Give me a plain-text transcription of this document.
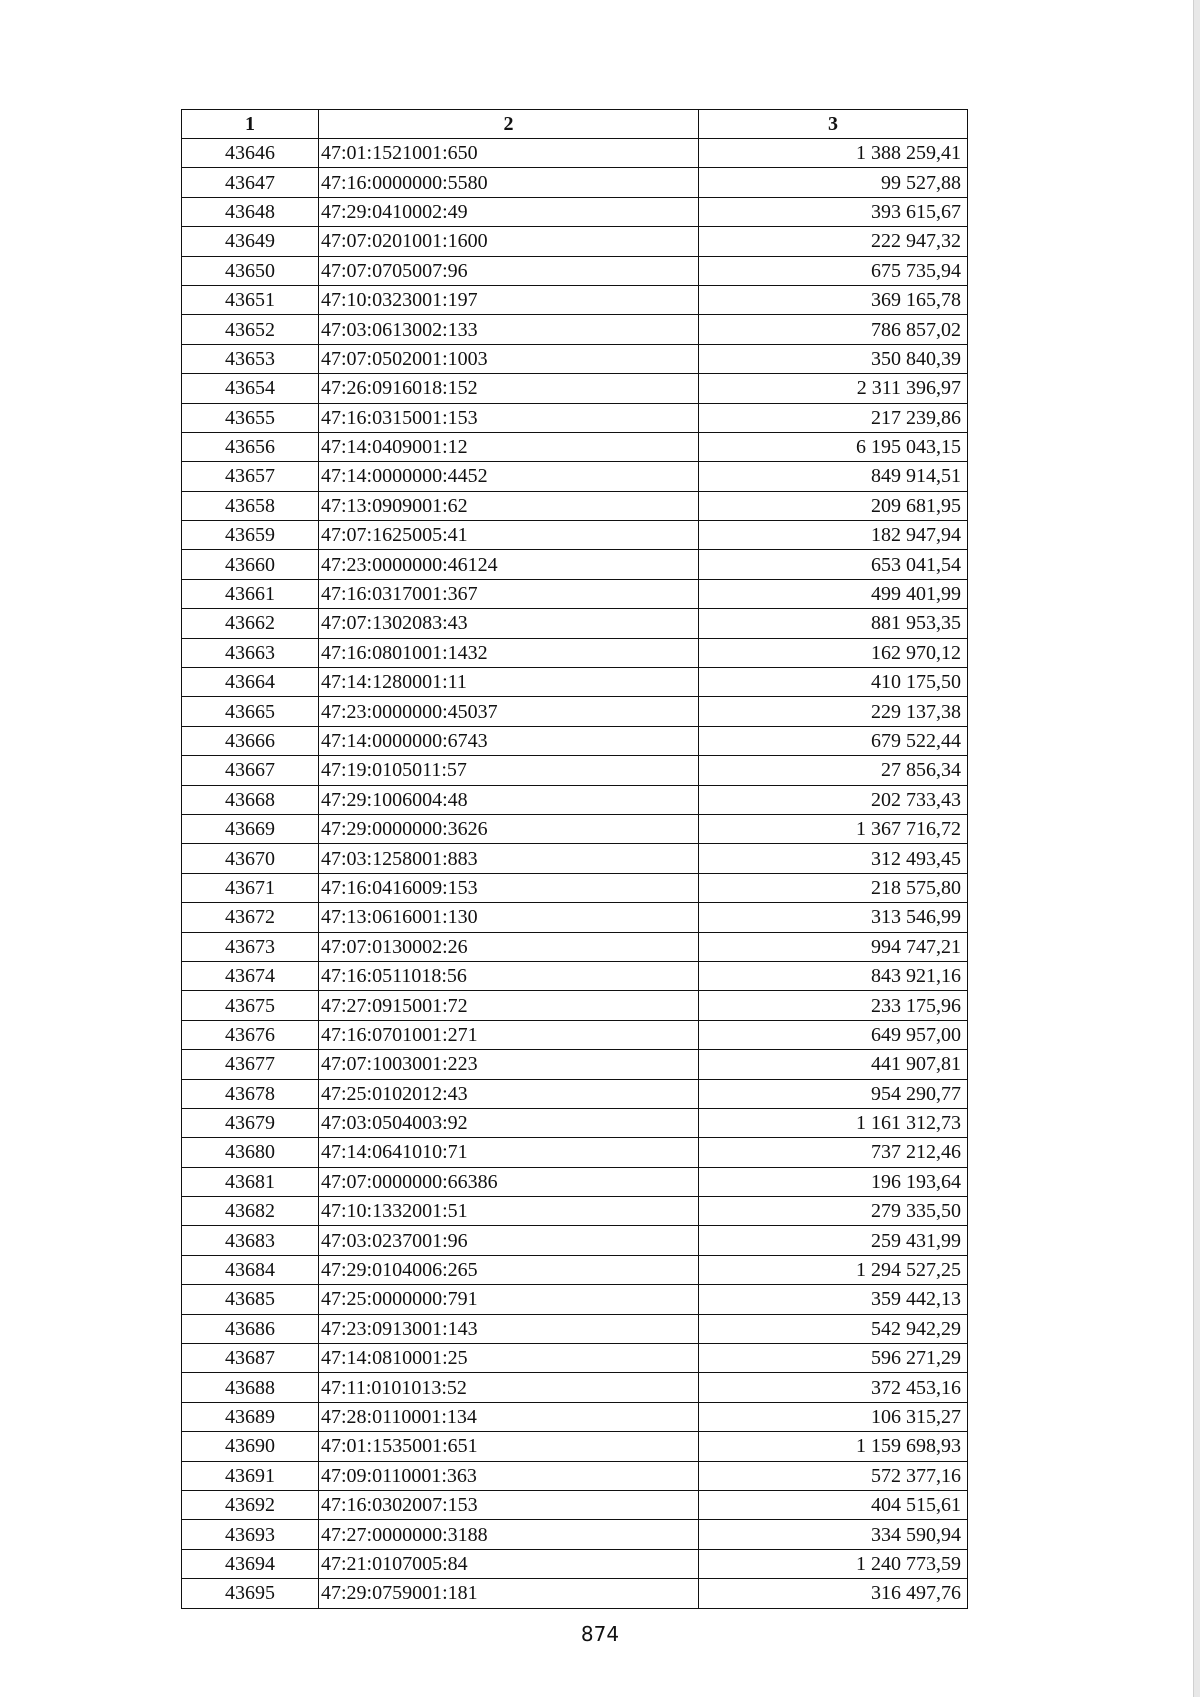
1	2	3
43646	47:01:1521001:650	1 388 259,41
43647	47:16:0000000:5580	99 527,88
43648	47:29:0410002:49	393 615,67
43649	47:07:0201001:1600	222 947,32
43650	47:07:0705007:96	675 735,94
43651	47:10:0323001:197	369 165,78
43652	47:03:0613002:133	786 857,02
43653	47:07:0502001:1003	350 840,39
43654	47:26:0916018:152	2 311 396,97
43655	47:16:0315001:153	217 239,86
43656	47:14:0409001:12	6 195 043,15
43657	47:14:0000000:4452	849 914,51
43658	47:13:0909001:62	209 681,95
43659	47:07:1625005:41	182 947,94
43660	47:23:0000000:46124	653 041,54
43661	47:16:0317001:367	499 401,99
43662	47:07:1302083:43	881 953,35
43663	47:16:0801001:1432	162 970,12
43664	47:14:1280001:11	410 175,50
43665	47:23:0000000:45037	229 137,38
43666	47:14:0000000:6743	679 522,44
43667	47:19:0105011:57	27 856,34
43668	47:29:1006004:48	202 733,43
43669	47:29:0000000:3626	1 367 716,72
43670	47:03:1258001:883	312 493,45
43671	47:16:0416009:153	218 575,80
43672	47:13:0616001:130	313 546,99
43673	47:07:0130002:26	994 747,21
43674	47:16:0511018:56	843 921,16
43675	47:27:0915001:72	233 175,96
43676	47:16:0701001:271	649 957,00
43677	47:07:1003001:223	441 907,81
43678	47:25:0102012:43	954 290,77
43679	47:03:0504003:92	1 161 312,73
43680	47:14:0641010:71	737 212,46
43681	47:07:0000000:66386	196 193,64
43682	47:10:1332001:51	279 335,50
43683	47:03:0237001:96	259 431,99
43684	47:29:0104006:265	1 294 527,25
43685	47:25:0000000:791	359 442,13
43686	47:23:0913001:143	542 942,29
43687	47:14:0810001:25	596 271,29
43688	47:11:0101013:52	372 453,16
43689	47:28:0110001:134	106 315,27
43690	47:01:1535001:651	1 159 698,93
43691	47:09:0110001:363	572 377,16
43692	47:16:0302007:153	404 515,61
43693	47:27:0000000:3188	334 590,94
43694	47:21:0107005:84	1 240 773,59
43695	47:29:0759001:181	316 497,76
874
